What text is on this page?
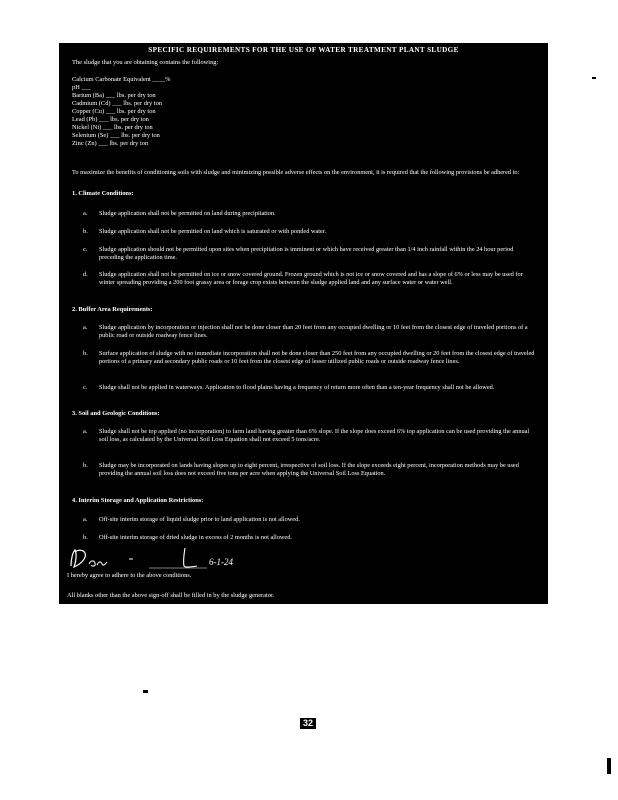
SPECIFIC REQUIREMENTS FOR THE USE OF WATER TREATMENT PLANT SLUDGE
The sludge that you are obtaining contains the following:
Calcium Carbonate Equivalent ____%
pH ___
Barium (Ba) ___ lbs. per dry ton
Cadmium (Cd) ___ lbs. per dry ton
Copper (Cu) ___ lbs. per dry ton
Lead (Pb) ___ lbs. per dry ton
Nickel (Ni) ___ lbs. per dry ton
Selenium (Se) ___ lbs. per dry ton
Zinc (Zn) ___ lbs. per dry ton
To maximize the benefits of conditioning soils with sludge and minimizing possible adverse effects on the environment, it is required that the following provisions be adhered to:
1. Climate Conditions:
a. Sludge application shall not be permitted on land during precipitation.
b. Sludge application shall not be permitted on land which is saturated or with ponded water.
c. Sludge application should not be permitted upon sites when precipitation is imminent or which have received greater than 1/4 inch rainfall within the 24 hour period preceding the application time.
d. Sludge application shall not be permitted on ice or snow covered ground. Frozen ground which is not ice or snow covered and has a slope of 6% or less may be used for winter spreading providing a 200 foot grassy area or forage crop exists between the sludge applied land and any surface water or water well.
2. Buffer Area Requirements:
a. Sludge application by incorporation or injection shall not be done closer than 20 feet from any occupied dwelling or 10 feet from the closest edge of traveled portions of a public road or outside roadway fence lines.
b. Surface application of sludge with no immediate incorporation shall not be done closer than 250 feet from any occupied dwelling or 20 feet from the closest edge of traveled portions of a primary and secondary public roads or 10 feet from the closest edge of lesser utilized public roads or outside roadway fence lines.
c. Sludge shall not be applied in waterways. Application to flood plains having a frequency of return more often than a ten-year frequency shall not be allowed.
3. Soil and Geologic Conditions:
a. Sludge shall not be top applied (no incorporation) to farm land having greater than 6% slope. If the slope does exceed 6% top application can be used providing the annual soil loss, as calculated by the Universal Soil Loss Equation shall not exceed 5 tons/acre.
b. Sludge may be incorporated on lands having slopes up to eight percent, irrespective of soil loss. If the slope exceeds eight percent, incorporation methods may be used providing the annual soil loss does not exceed five tons per acre when applying the Universal Soil Loss Equation.
4. Interim Storage and Application Restrictions:
a. Off-site interim storage of liquid sludge prior to land application is not allowed.
b. Off-site interim storage of dried sludge in excess of 2 months is not allowed.
6-1-24
I hereby agree to adhere to the above conditions.
All blanks other than the above sign-off shall be filled in by the sludge generator.
32
